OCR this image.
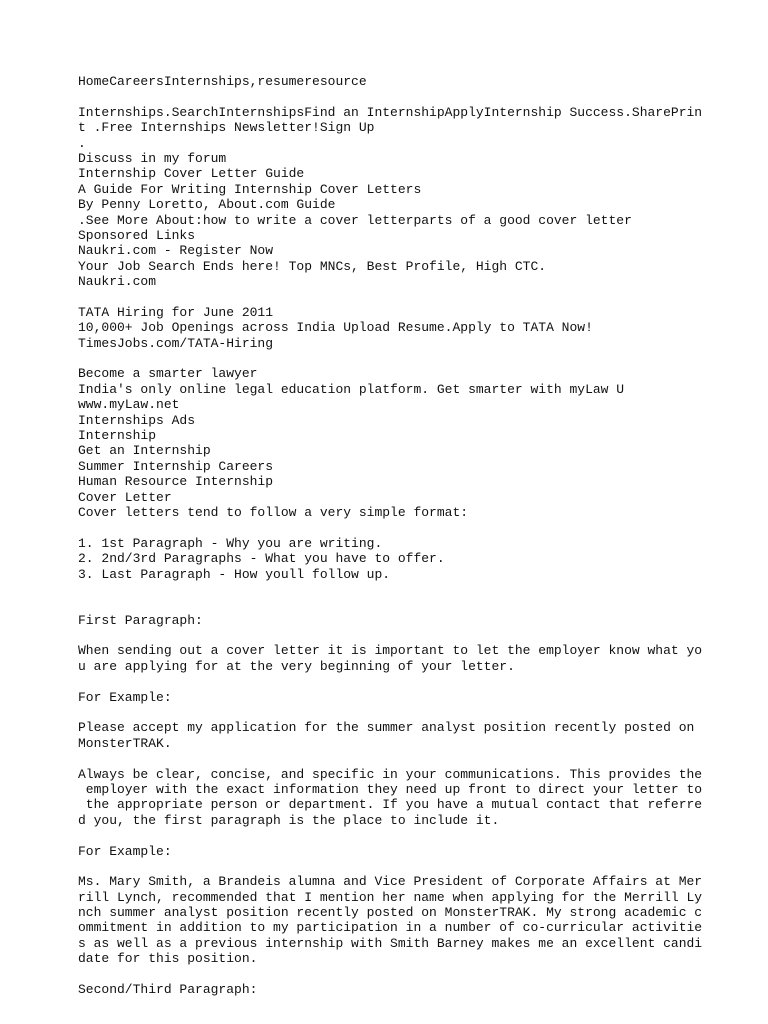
HomeCareersInternships,resumeresource
Internships.SearchInternshipsFind an InternshipApplyInternship Success.SharePrin
t .Free Internships Newsletter!Sign Up
.
Discuss in my forum
Internship Cover Letter Guide
A Guide For Writing Internship Cover Letters
By Penny Loretto, About.com Guide
.See More About:how to write a cover letterparts of a good cover letter
Sponsored Links
Naukri.com - Register Now
Your Job Search Ends here! Top MNCs, Best Profile, High CTC.
Naukri.com
TATA Hiring for June 2011
10,000+ Job Openings across India Upload Resume.Apply to TATA Now!
TimesJobs.com/TATA-Hiring
Become a smarter lawyer
India's only online legal education platform. Get smarter with myLaw U
www.myLaw.net
Internships Ads
Internship
Get an Internship
Summer Internship Careers
Human Resource Internship
Cover Letter
Cover letters tend to follow a very simple format:
1. 1st Paragraph - Why you are writing.
2. 2nd/3rd Paragraphs - What you have to offer.
3. Last Paragraph - How youll follow up.
First Paragraph:
When sending out a cover letter it is important to let the employer know what yo
u are applying for at the very beginning of your letter.
For Example:
Please accept my application for the summer analyst position recently posted on
MonsterTRAK.
Always be clear, concise, and specific in your communications. This provides the
employer with the exact information they need up front to direct your letter to
the appropriate person or department. If you have a mutual contact that referre
d you, the first paragraph is the place to include it.
For Example:
Ms. Mary Smith, a Brandeis alumna and Vice President of Corporate Affairs at Mer
rill Lynch, recommended that I mention her name when applying for the Merrill Ly
nch summer analyst position recently posted on MonsterTRAK. My strong academic c
ommitment in addition to my participation in a number of co-curricular activitie
s as well as a previous internship with Smith Barney makes me an excellent candi
date for this position.
Second/Third Paragraph:
